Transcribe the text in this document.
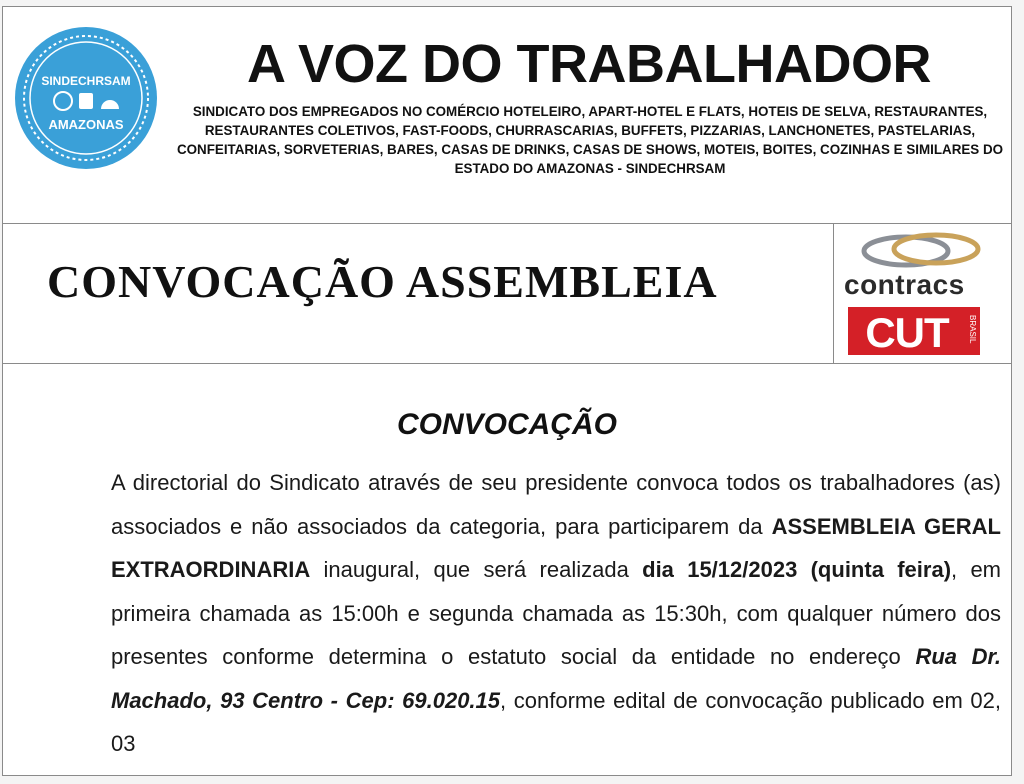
SINDECHRSAM
AMAZONAS
A VOZ DO TRABALHADOR
SINDICATO DOS EMPREGADOS NO COMÉRCIO HOTELEIRO, APART-HOTEL E FLATS, HOTEIS DE SELVA, RESTAURANTES, RESTAURANTES COLETIVOS, FAST-FOODS, CHURRASCARIAS, BUFFETS, PIZZARIAS, LANCHONETES, PASTELARIAS, CONFEITARIAS, SORVETERIAS, BARES, CASAS DE DRINKS, CASAS DE SHOWS, MOTEIS, BOITES, COZINHAS E SIMILARES DO ESTADO DO AMAZONAS - SINDECHRSAM
CONVOCAÇÃO ASSEMBLEIA	contracs
CUT	BRASIL
CONVOCAÇÃO
A directorial do Sindicato através de seu presidente convoca todos os trabalhadores (as) associados e não associados da categoria, para participarem da ASSEMBLEIA GERAL EXTRAORDINARIA inaugural, que será realizada dia 15/12/2023 (quinta feira), em primeira chamada as 15:00h e segunda chamada as 15:30h, com qualquer número dos presentes conforme determina o estatuto social da entidade no endereço Rua Dr. Machado, 93 Centro - Cep: 69.020.15, conforme edital de convocação publicado em 02, 03
